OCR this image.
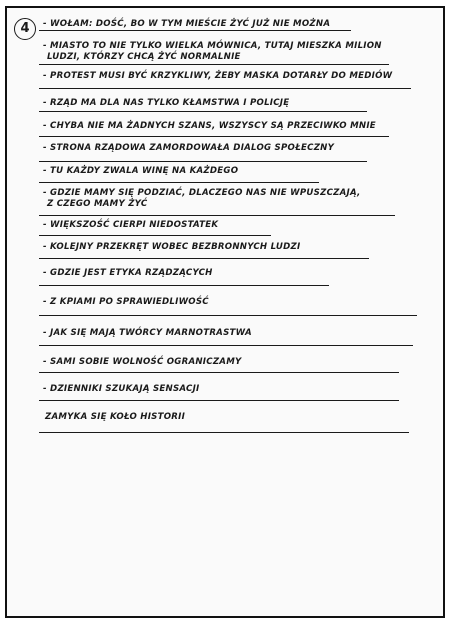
4	- WOŁAM: DOŚĆ, BO W TYM MIEŚCIE ŻYĆ JUŻ NIE MOŻNA
- MIASTO TO NIE TYLKO WIELKA MÓWNICA, TUTAJ MIESZKA MILION
LUDZI, KTÓRZY CHCĄ ŻYĆ NORMALNIE
- PROTEST MUSI BYĆ KRZYKLIWY, ŻEBY MASKA DOTARŁY DO MEDIÓW
- RZĄD MA DLA NAS TYLKO KŁAMSTWA I POLICJĘ
- CHYBA NIE MA ŻADNYCH SZANS, WSZYSCY SĄ PRZECIWKO MNIE
- STRONA RZĄDOWA ZAMORDOWAŁA DIALOG SPOŁECZNY
- TU KAŻDY ZWALA WINĘ NA KAŻDEGO
- GDZIE MAMY SIĘ PODZIAĆ, DLACZEGO NAS NIE WPUSZCZAJĄ,
Z CZEGO MAMY ŻYĆ
- WIĘKSZOŚĆ CIERPI NIEDOSTATEK
- KOLEJNY PRZEKRĘT WOBEC BEZBRONNYCH LUDZI
- GDZIE JEST ETYKA RZĄDZĄCYCH
- Z KPIAMI PO SPRAWIEDLIWOŚĆ
- JAK SIĘ MAJĄ TWÓRCY MARNOTRASTWA
- SAMI SOBIE WOLNOŚĆ OGRANICZAMY
- DZIENNIKI SZUKAJĄ SENSACJI
ZAMYKA SIĘ KOŁO HISTORII
